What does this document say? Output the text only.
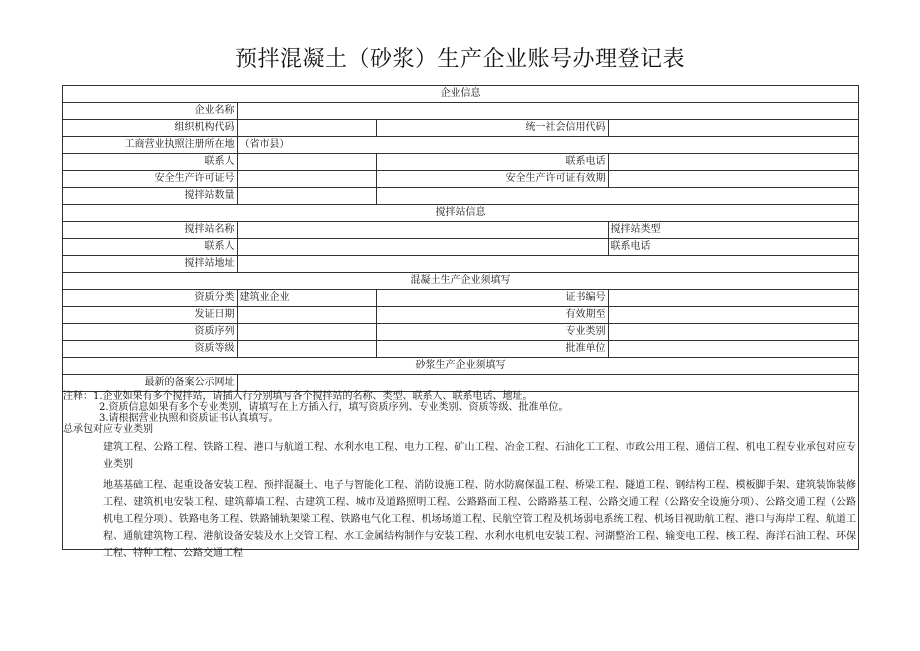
预拌混凝土（砂浆）生产企业账号办理登记表
企业信息			
企业名称			
组织机构代码		统一社会信用代码	
工商营业执照注册所在地	（省市县）		
联系人		联系电话	
安全生产许可证号		安全生产许可证有效期	
搅拌站数量			
搅拌站信息			
搅拌站名称			搅拌站类型
联系人			联系电话
搅拌站地址			
混凝土生产企业须填写			
资质分类	建筑业企业	证书编号	
发证日期		有效期至	
资质序列		专业类别	
资质等级		批准单位	
砂浆生产企业须填写			
最新的备案公示网址			
注释：1.企业如果有多个搅拌站，请插入行分别填写各个搅拌站的名称、类型、联系人、联系电话、地址。
2.资质信息如果有多个专业类别，请填写在上方插入行，填写资质序列、专业类别、资质等级、批准单位。
3.请根据营业执照和资质证书认真填写。
总承包对应专业类别
建筑工程、公路工程、铁路工程、港口与航道工程、水利水电工程、电力工程、矿山工程、冶金工程、石油化工工程、市政公用工程、通信工程、机电工程专业承包对应专业类别
地基基础工程、起重设备安装工程、预拌混凝土、电子与智能化工程、消防设施工程、防水防腐保温工程、桥梁工程、隧道工程、钢结构工程、模板脚手架、建筑装饰装修工程、建筑机电安装工程、建筑幕墙工程、古建筑工程、城市及道路照明工程、公路路面工程、公路路基工程、公路交通工程（公路安全设施分项）、公路交通工程（公路机电工程分项）、铁路电务工程、铁路铺轨架梁工程、铁路电气化工程、机场场道工程、民航空管工程及机场弱电系统工程、机场目视助航工程、港口与海岸工程、航道工程、通航建筑物工程、港航设备安装及水上交管工程、水工金属结构制作与安装工程、水利水电机电安装工程、河湖整治工程、输变电工程、核工程、海洋石油工程、环保工程、特种工程、公路交通工程
